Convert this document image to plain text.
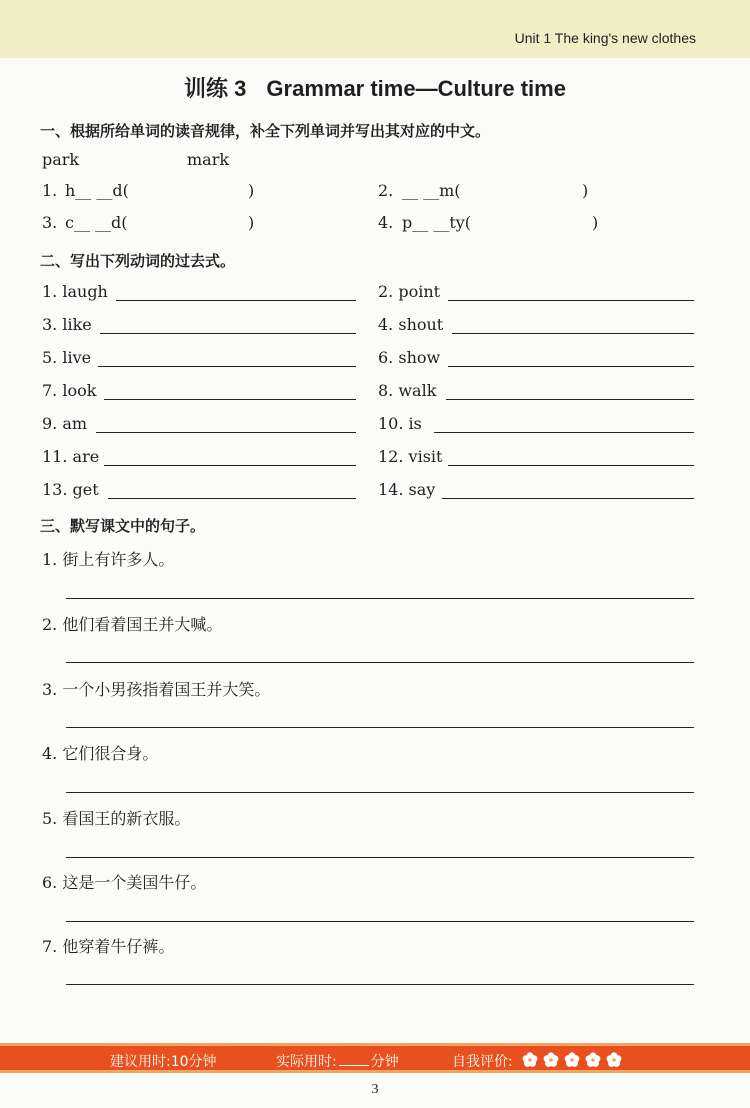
Unit 1 The king's new clothes
训练 3 Grammar time—Culture time
一、根据所给单词的读音规律，补全下列单词并写出其对应的中文。
park	mark
1. h__ __d(	)	2. __ __m(	)
3. c__ __d(	)	4. p__ __ty(	)
二、写出下列动词的过去式。
1. laugh	2. point
3. like	4. shout
5. live	6. show
7. look	8. walk
9. am	10. is
11. are	12. visit
13. get	14. say
三、默写课文中的句子。
1. 街上有许多人。
2. 他们看着国王并大喊。
3. 一个小男孩指着国王并大笑。
4. 它们很合身。
5. 看国王的新衣服。
6. 这是一个美国牛仔。
7. 他穿着牛仔裤。
建议用时:10分钟	实际用时: 分钟	自我评价:
3
